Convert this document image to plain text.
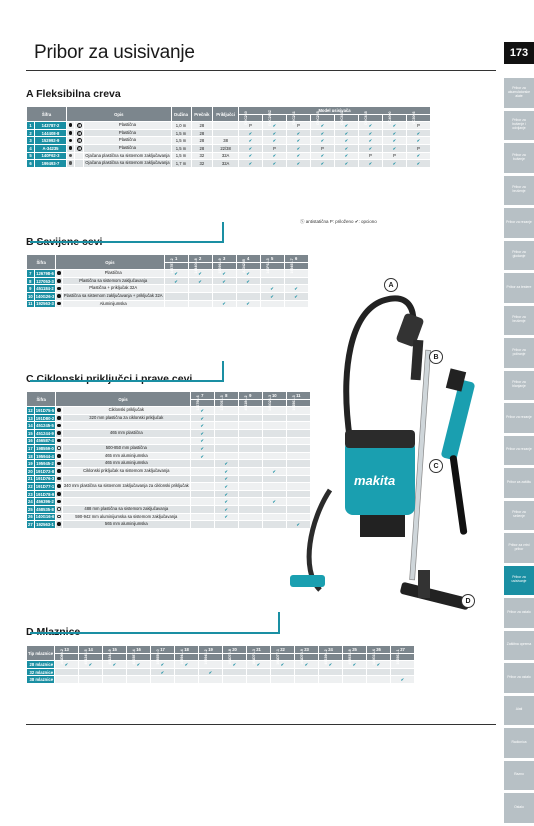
Pribor za usisivanje	173
Pribor za akumulatorske alate
Pribor za bušenje i odvijanje
Pribor za bušenje
Pribor za brušenje
Pribor za rezanje
Pribor za glodanje
Pribor za testere
Pribor za brušenje
Pribor za poliranje
Pribor za blanjanje
Pribor za rezanje
Pribor za rezanje
Pribor za zaštitu
Pribor za sečenje
Pribor za vrtni pribor
Pribor za usisivanje
Pribor za ostalo
Zaštitna oprema
Pribor za ostalo
Alati
Radionica
Razno
Ostalo
A Fleksibilna creva
Šifra		Opis			Dužina	Prečnik	Priključci	Model usisivača							

								DVC260	DVC265Z	DVC261	DVC265	DVC660	DVC665	VC4000	VC3003

1	143787-2		Š	Plastična	1,0 m	28		P	✔	P	✔	✔	✔	✔	P
2	144408-8		Š	Plastična	1,5 m	28		✔	✔	✔	✔	✔	✔	✔	✔
3	152992-9		Š	Plastična	1,5 m	28	38	✔	✔	✔	✔	✔	✔	✔	✔
4	A-34235		Š	Plastična	1,5 m	28	22/38	✔	P	✔	P	✔	✔	✔	P
5	140F62-3			Ojačana plastična sa sistemom zaključavanja	1,5 m	32	32A	✔	✔	✔	✔	✔	P	P	✔
6	199493-7			Ojačana plastična sa sistemom zaključavanja	1,7 m	32	32A	✔	✔	✔	✔	✔	✔	✔	✔
Ⓢ antistatična P: priloženo ✔: opciono
B Savijene cevi
Šifra		Opis		1	2	3	4	5	6

				143787-2	144408-8	152992-9	A-34235	140F62-3	199493-7

7	126798-6		Plastična	✔	✔	✔	✔		
8	127053-3		Plastična sa sistemom zaključavanja	✔	✔	✔	✔		
9	451184-2		Plastična + priključak 32A					✔	✔
10	140G26-3		Plastična sa sistemom zaključavanja + priključak 32A					✔	✔
11	192563-3		Aluminijumska			✔	✔		
C Ciklonski priključci i prave cevi
Šifra		Opis		7	8	9	10	11

				126798-6	127053-3	451184-2	140G26-3	192563-3

12	191D75-5		Ciklonski priključak	✔				
13	191D80-2		320 mm plastična za ciklonski priključak	✔				
14	451245-5			✔				
15	451244-9		465 mm plastična	✔				
16	456587-4			✔				
17	198559-0		500-850 mm plastična	✔				
18	195944-4		465 mm aluminijumska	✔				
19	195945-2		465 mm aluminijumska		✔			
20	191D72-8		Ciklonski priključak sa sistemom zaključavanja		✔		✔	
21	191D76-3				✔			
22	191D77-1		340 mm plastična sa sistemom zaključavanja za ciklonski priključak		✔			
23	191D78-9				✔			
24	456396-2				✔		✔	
25	458535-8		488 mm plastična sa sistemom zaključavanja		✔			
26	140G16-6		590-942 mm aluminijumska sa sistemom zaključavanja		✔			
27	192563-1		565 mm aluminijumska					✔
D Mlaznice
Tip mlaznice	13	14	15	16	17	18	19	20	21	22	23	24	25	26	27

	191D80-2	451245-5	451244-9	456587-4	198559-0	195944-4	195945-2	191D72-8	191D76-3	191D77-1	191D78-9	456396-2	458535-8	140G16-6	192563-1

28 mlaznice	✔	✔	✔	✔	✔	✔		✔	✔	✔	✔	✔	✔	✔	
32 mlaznice					✔		✔								
38 mlaznice															✔
makita
A
B
C
D
